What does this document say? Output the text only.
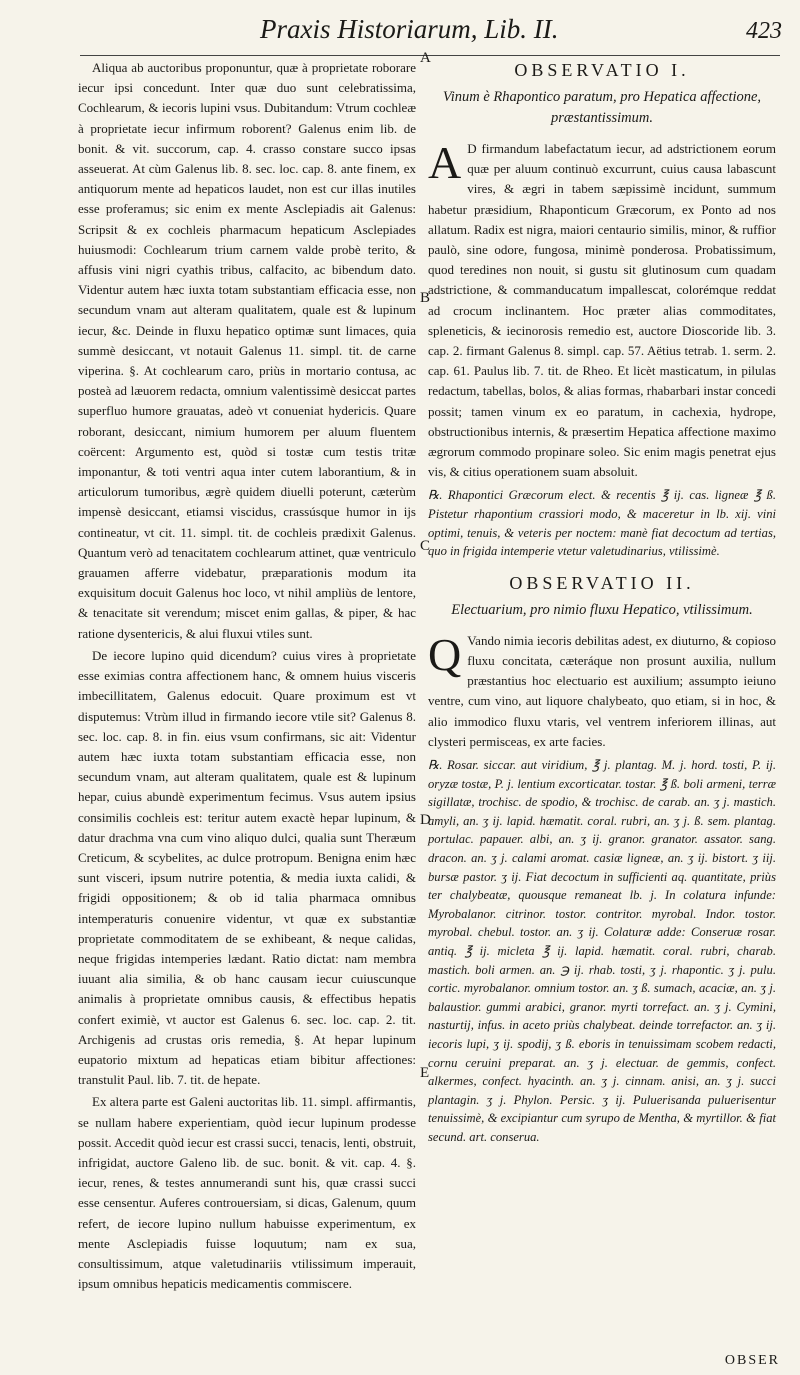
Praxis Historiarum, Lib. II.	423

Aliqua ab auctoribus proponuntur, quæ à proprietate roborare iecur ipsi concedunt. Inter quæ duo sunt celebratissima, Cochlearum, & iecoris lupini vsus. Dubitandum: Vtrum cochleæ à proprietate iecur infirmum roborent? Galenus enim lib. de bonit. & vit. succorum, cap. 4. crasso constare succo ipsas asseuerat. At cùm Galenus lib. 8. sec. loc. cap. 8. ante finem, ex antiquorum mente ad hepaticos laudet, non est cur illas inutiles esse proferamus; sic enim ex mente Asclepiadis ait Galenus: Scripsit & ex cochleis pharmacum hepaticum Asclepiades huiusmodi: Cochlearum trium carnem valde probè terito, & affusis vini nigri cyathis tribus, calfacito, ac bibendum dato. Videntur autem hæc iuxta totam substantiam efficacia esse, non secundum vnam aut alteram qualitatem, quale est & lupinum iecur, &c. Deinde in fluxu hepatico optimæ sunt limaces, quia summè desiccant, vt notauit Galenus 11. simpl. tit. de carne viperina. §. At cochlearum caro, priùs in mortario contusa, ac posteà ad læuorem redacta, omnium valentissimè desiccat partes superfluo humore grauatas, adeò vt conueniat hydericis. Quare roborant, desiccant, nimium humorem per aluum fluentem coërcent: Argumento est, quòd si tostæ cum testis tritæ imponantur, & toti ventri aqua inter cutem laborantium, & in articulorum tumoribus, ægrè quidem diuelli poterunt, cæterùm impensè desiccant, etiamsi viscidus, crassúsque humor in ijs contineatur, vt cit. 11. simpl. tit. de cochleis prædixit Galenus. Quantum verò ad tenacitatem cochlearum attinet, quæ ventriculo grauamen afferre videbatur, præparationis modum ita exquisitum docuit Galenus hoc loco, vt nihil ampliùs de lentore, & tenacitate sit verendum; miscet enim gallas, & piper, & hac ratione dysentericis, & alui fluxui vtiles sunt.

De iecore lupino quid dicendum? cuius vires à proprietate esse eximias contra affectionem hanc, & omnem huius visceris imbecillitatem, Galenus edocuit. Quare proximum est vt disputemus: Vtrùm illud in firmando iecore vtile sit? Galenus 8. sec. loc. cap. 8. in fin. eius vsum confirmans, sic ait: Videntur autem hæc iuxta totam substantiam efficacia esse, non secundum vnam, aut alteram qualitatem, quale est & lupinum hepar, cuius abundè experimentum fecimus. Vsus autem ipsius consimilis cochleis est: teritur autem exactè hepar lupinum, & datur drachma vna cum vino aliquo dulci, qualia sunt Theræum Creticum, & scybelites, ac dulce protropum. Benigna enim hæc sunt visceri, ipsum nutrire potentia, & media iuxta calidi, & frigidi oppositionem; & ob id talia pharmaca omnibus intemperaturis conuenire videntur, vt quæ ex substantiæ proprietate commoditatem de se exhibeant, & neque calidas, neque frigidas intemperies lædant. Ratio dictat: nam membra iuuant alia similia, & ob hanc causam iecur cuiuscunque animalis à proprietate omnibus causis, & effectibus hepatis confert eximiè, vt auctor est Galenus 6. sec. loc. cap. 2. tit. Archigenis ad crustas oris remedia, §. At hepar lupinum eupatorio mixtum ad hepaticas etiam bibitur affectiones: transtulit Paul. lib. 7. tit. de hepate.

Ex altera parte est Galeni auctoritas lib. 11. simpl. affirmantis, se nullam habere experientiam, quòd iecur lupinum prodesse possit. Accedit quòd iecur est crassi succi, tenacis, lenti, obstruit, infrigidat, auctore Galeno lib. de suc. bonit. & vit. cap. 4. §. iecur, renes, & testes annumerandi sunt his, quæ crassi succi esse censentur. Auferes controuersiam, si dicas, Galenum, quum refert, de iecore lupino nullum habuisse experimentum, ex mente Asclepiadis fuisse loquutum; nam ex sua, consultissimum, atque valetudinariis vtilissimum imperauit, ipsum omnibus hepaticis medicamentis commiscere.

A
B
C
D
E
OBSERVATIO I.
Vinum è Rhapontico paratum, pro Hepatica affectione, præstantissimum.

A D firmandum labefactatum iecur, ad adstrictionem eorum quæ per aluum continuò excurrunt, cuius causa labascunt vires, & ægri in tabem sæpissimè incidunt, summum habetur præsidium, Rhaponticum Græcorum, ex Ponto ad nos allatum. Radix est nigra, maiori centaurio similis, minor, & ruffior paulò, sine odore, fungosa, minimè ponderosa. Probatissimum, quod teredines non nouit, si gustu sit glutinosum cum quadam adstrictione, & commanducatum impallescat, colorémque reddat ad crocum inclinantem. Hoc præter alias commoditates, spleneticis, & iecinorosis remedio est, auctore Dioscoride lib. 3. cap. 2. firmant Galenus 8. simpl. cap. 57. Aëtius tetrab. 1. serm. 2. cap. 61. Paulus lib. 7. tit. de Rheo. Et licèt masticatum, in pilulas redactum, tabellas, bolos, & alias formas, rhabarbari instar concedi possit; tamen vinum ex eo paratum, in cachexia, hydrope, obstructionibus internis, & præsertim Hepatica affectione maximo ægrorum commodo propinare soleo. Sic enim magis penetrat ejus vis, & citius operationem suam absoluit.

℞. Rhapontici Græcorum elect. & recentis ℥ ij. cas. ligneæ ℥ ß. Pistetur rhapontium crassiori modo, & maceretur in lb. xij. vini optimi, tenuis, & veteris per noctem: manè fiat decoctum ad tertias, quo in frigida intemperie vtetur valetudinarius, vtilissimè.

OBSERVATIO II.
Electuarium, pro nimio fluxu Hepatico, vtilissimum.

Q Vando nimia iecoris debilitas adest, ex diuturno, & copioso fluxu concitata, cæteráque non prosunt auxilia, nullum præstantius hoc electuario est auxilium; assumpto ieiuno ventre, cum vino, aut liquore chalybeato, quo etiam, si in hoc, & alio immodico fluxu vtaris, vel ventrem inferiorem illinas, aut clysteri permisceas, ex arte facies.

℞. Rosar. siccar. aut viridium, ℥ j. plantag. M. j. hord. tosti, P. ij. oryzæ tostæ, P. j. lentium excorticatar. tostar. ℥ ß. boli armeni, terræ sigillatæ, trochisc. de spodio, & trochisc. de carab. an. ʒ j. mastich. amyli, an. ʒ ij. lapid. hæmatit. coral. rubri, an. ʒ j. ß. sem. plantag. portulac. papauer. albi, an. ʒ ij. granor. granator. assator. sang. dracon. an. ʒ j. calami aromat. casiæ ligneæ, an. ʒ ij. bistort. ʒ iij. bursæ pastor. ʒ ij. Fiat decoctum in sufficienti aq. quantitate, priùs ter chalybeatæ, quousque remaneat lb. j. In colatura infunde: Myrobalanor. citrinor. tostor. contritor. myrobal. Indor. tostor. myrobal. chebul. tostor. an. ʒ ij. Colaturæ adde: Conseruæ rosar. antiq. ℥ ij. micleta ℥ ij. lapid. hæmatit. coral. rubri, charab. mastich. boli armen. an. ℈ ij. rhab. tosti, ʒ j. rhapontic. ʒ j. pulu. cortic. myrobalanor. omnium tostor. an. ʒ ß. sumach, acaciæ, an. ʒ j. balaustior. gummi arabici, granor. myrti torrefact. an. ʒ j. Cymini, nasturtij, infus. in aceto priùs chalybeat. deinde torrefactor. an. ʒ ij. iecoris lupi, ʒ ij. spodij, ʒ ß. eboris in tenuissimam scobem redacti, cornu ceruini preparat. an. ʒ j. electuar. de gemmis, confect. alkermes, confect. hyacinth. an. ʒ j. cinnam. anisi, an. ʒ j. succi plantagin. ʒ j. Phylon. Persic. ʒ ij. Puluerisanda puluerisentur tenuissimè, & excipiantur cum syrupo de Mentha, & myrtillor. & fiat secund. art. conserua.

OBSER
